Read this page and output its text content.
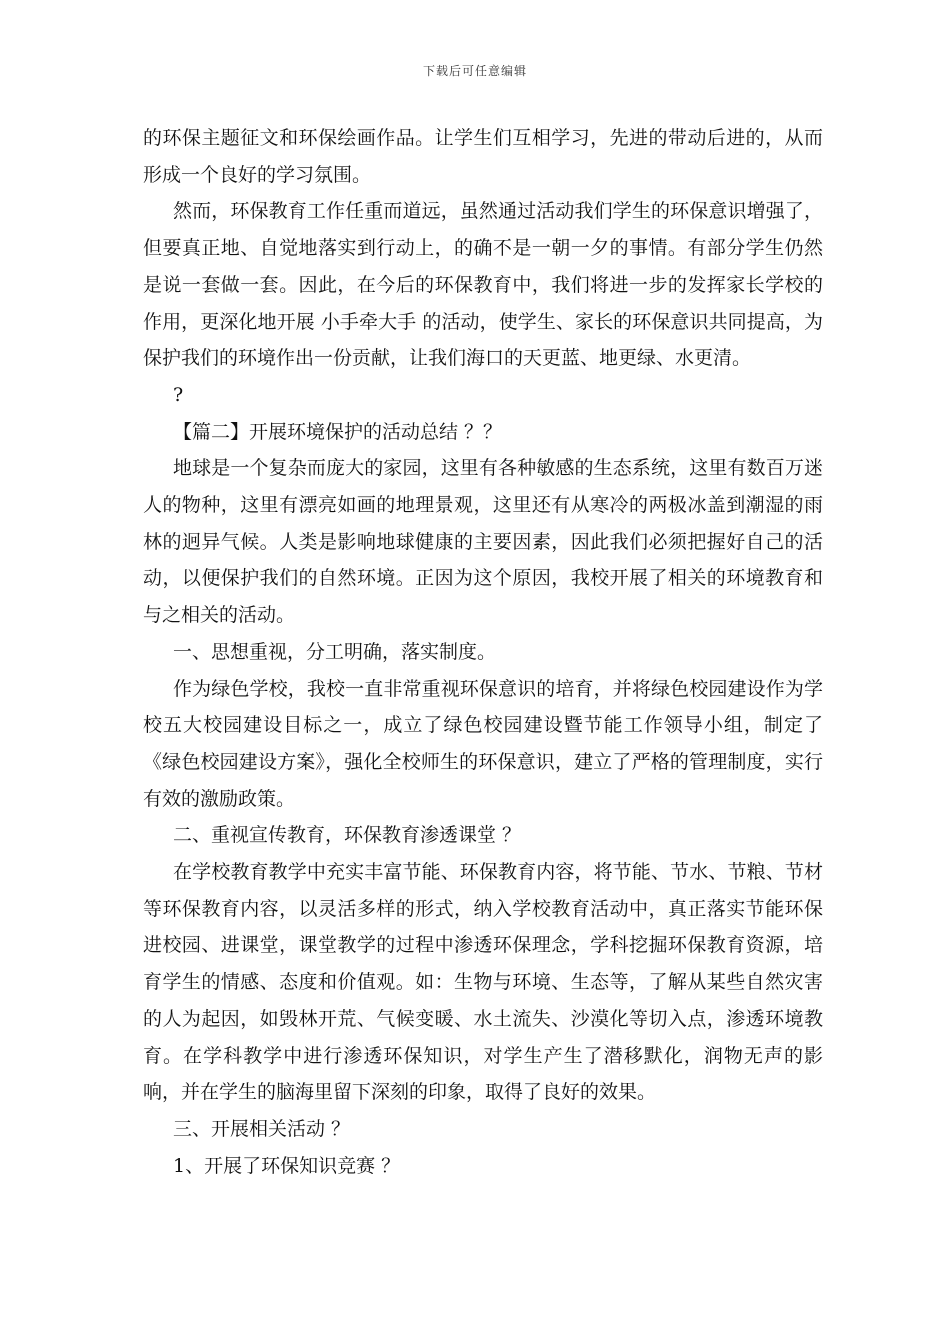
下载后可任意编辑

的环保主题征文和环保绘画作品。让学生们互相学习，先进的带动后进的，从而形成一个良好的学习氛围。

然而，环保教育工作任重而道远，虽然通过活动我们学生的环保意识增强了，但要真正地、自觉地落实到行动上，的确不是一朝一夕的事情。有部分学生仍然是说一套做一套。因此，在今后的环保教育中，我们将进一步的发挥家长学校的作用，更深化地开展 小手牵大手 的活动，使学生、家长的环保意识共同提高，为保护我们的环境作出一份贡献，让我们海口的天更蓝、地更绿、水更清。

?

【篇二】开展环境保护的活动总结 ？？

地球是一个复杂而庞大的家园，这里有各种敏感的生态系统，这里有数百万迷人的物种，这里有漂亮如画的地理景观，这里还有从寒冷的两极冰盖到潮湿的雨林的迥异气候。人类是影响地球健康的主要因素，因此我们必须把握好自己的活动，以便保护我们的自然环境。正因为这个原因，我校开展了相关的环境教育和与之相关的活动。

一、思想重视，分工明确，落实制度。

作为绿色学校，我校一直非常重视环保意识的培育，并将绿色校园建设作为学校五大校园建设目标之一，成立了绿色校园建设暨节能工作领导小组，制定了《绿色校园建设方案》，强化全校师生的环保意识，建立了严格的管理制度，实行有效的激励政策。

二、重视宣传教育，环保教育渗透课堂 ？

在学校教育教学中充实丰富节能、环保教育内容，将节能、节水、节粮、节材等环保教育内容，以灵活多样的形式，纳入学校教育活动中，真正落实节能环保进校园、进课堂，课堂教学的过程中渗透环保理念，学科挖掘环保教育资源，培育学生的情感、态度和价值观。如：生物与环境、生态等，了解从某些自然灾害的人为起因，如毁林开荒、气候变暖、水土流失、沙漠化等切入点，渗透环境教育。在学科教学中进行渗透环保知识，对学生产生了潜移默化，润物无声的影响，并在学生的脑海里留下深刻的印象，取得了良好的效果。

三、开展相关活动 ？

1、开展了环保知识竞赛 ？
